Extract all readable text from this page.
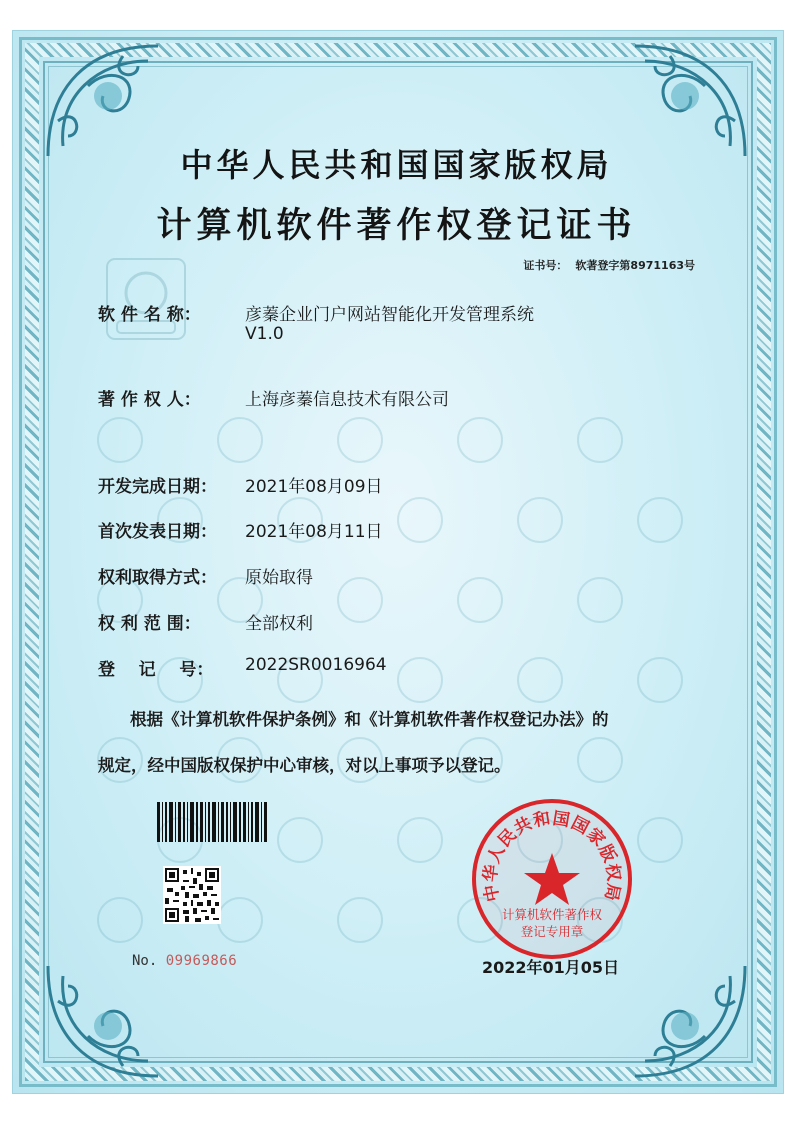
中华人民共和国国家版权局
计算机软件著作权登记证书
证书号： 软著登字第8971163号
软 件 名 称：	彦蓁企业门户网站智能化开发管理系统
V1.0
著 作 权 人：	上海彦蓁信息技术有限公司
开发完成日期： 2021年08月09日
首次发表日期： 2021年08月11日
权利取得方式： 原始取得
权 利 范 围：	全部权利
登    记    号： 2022SR0016964
根据《计算机软件保护条例》和《计算机软件著作权登记办法》的
规定，经中国版权保护中心审核，对以上事项予以登记。
No. 09969866
中华人民共和国国家版权局
计算机软件著作权
登记专用章
2022年01月05日
